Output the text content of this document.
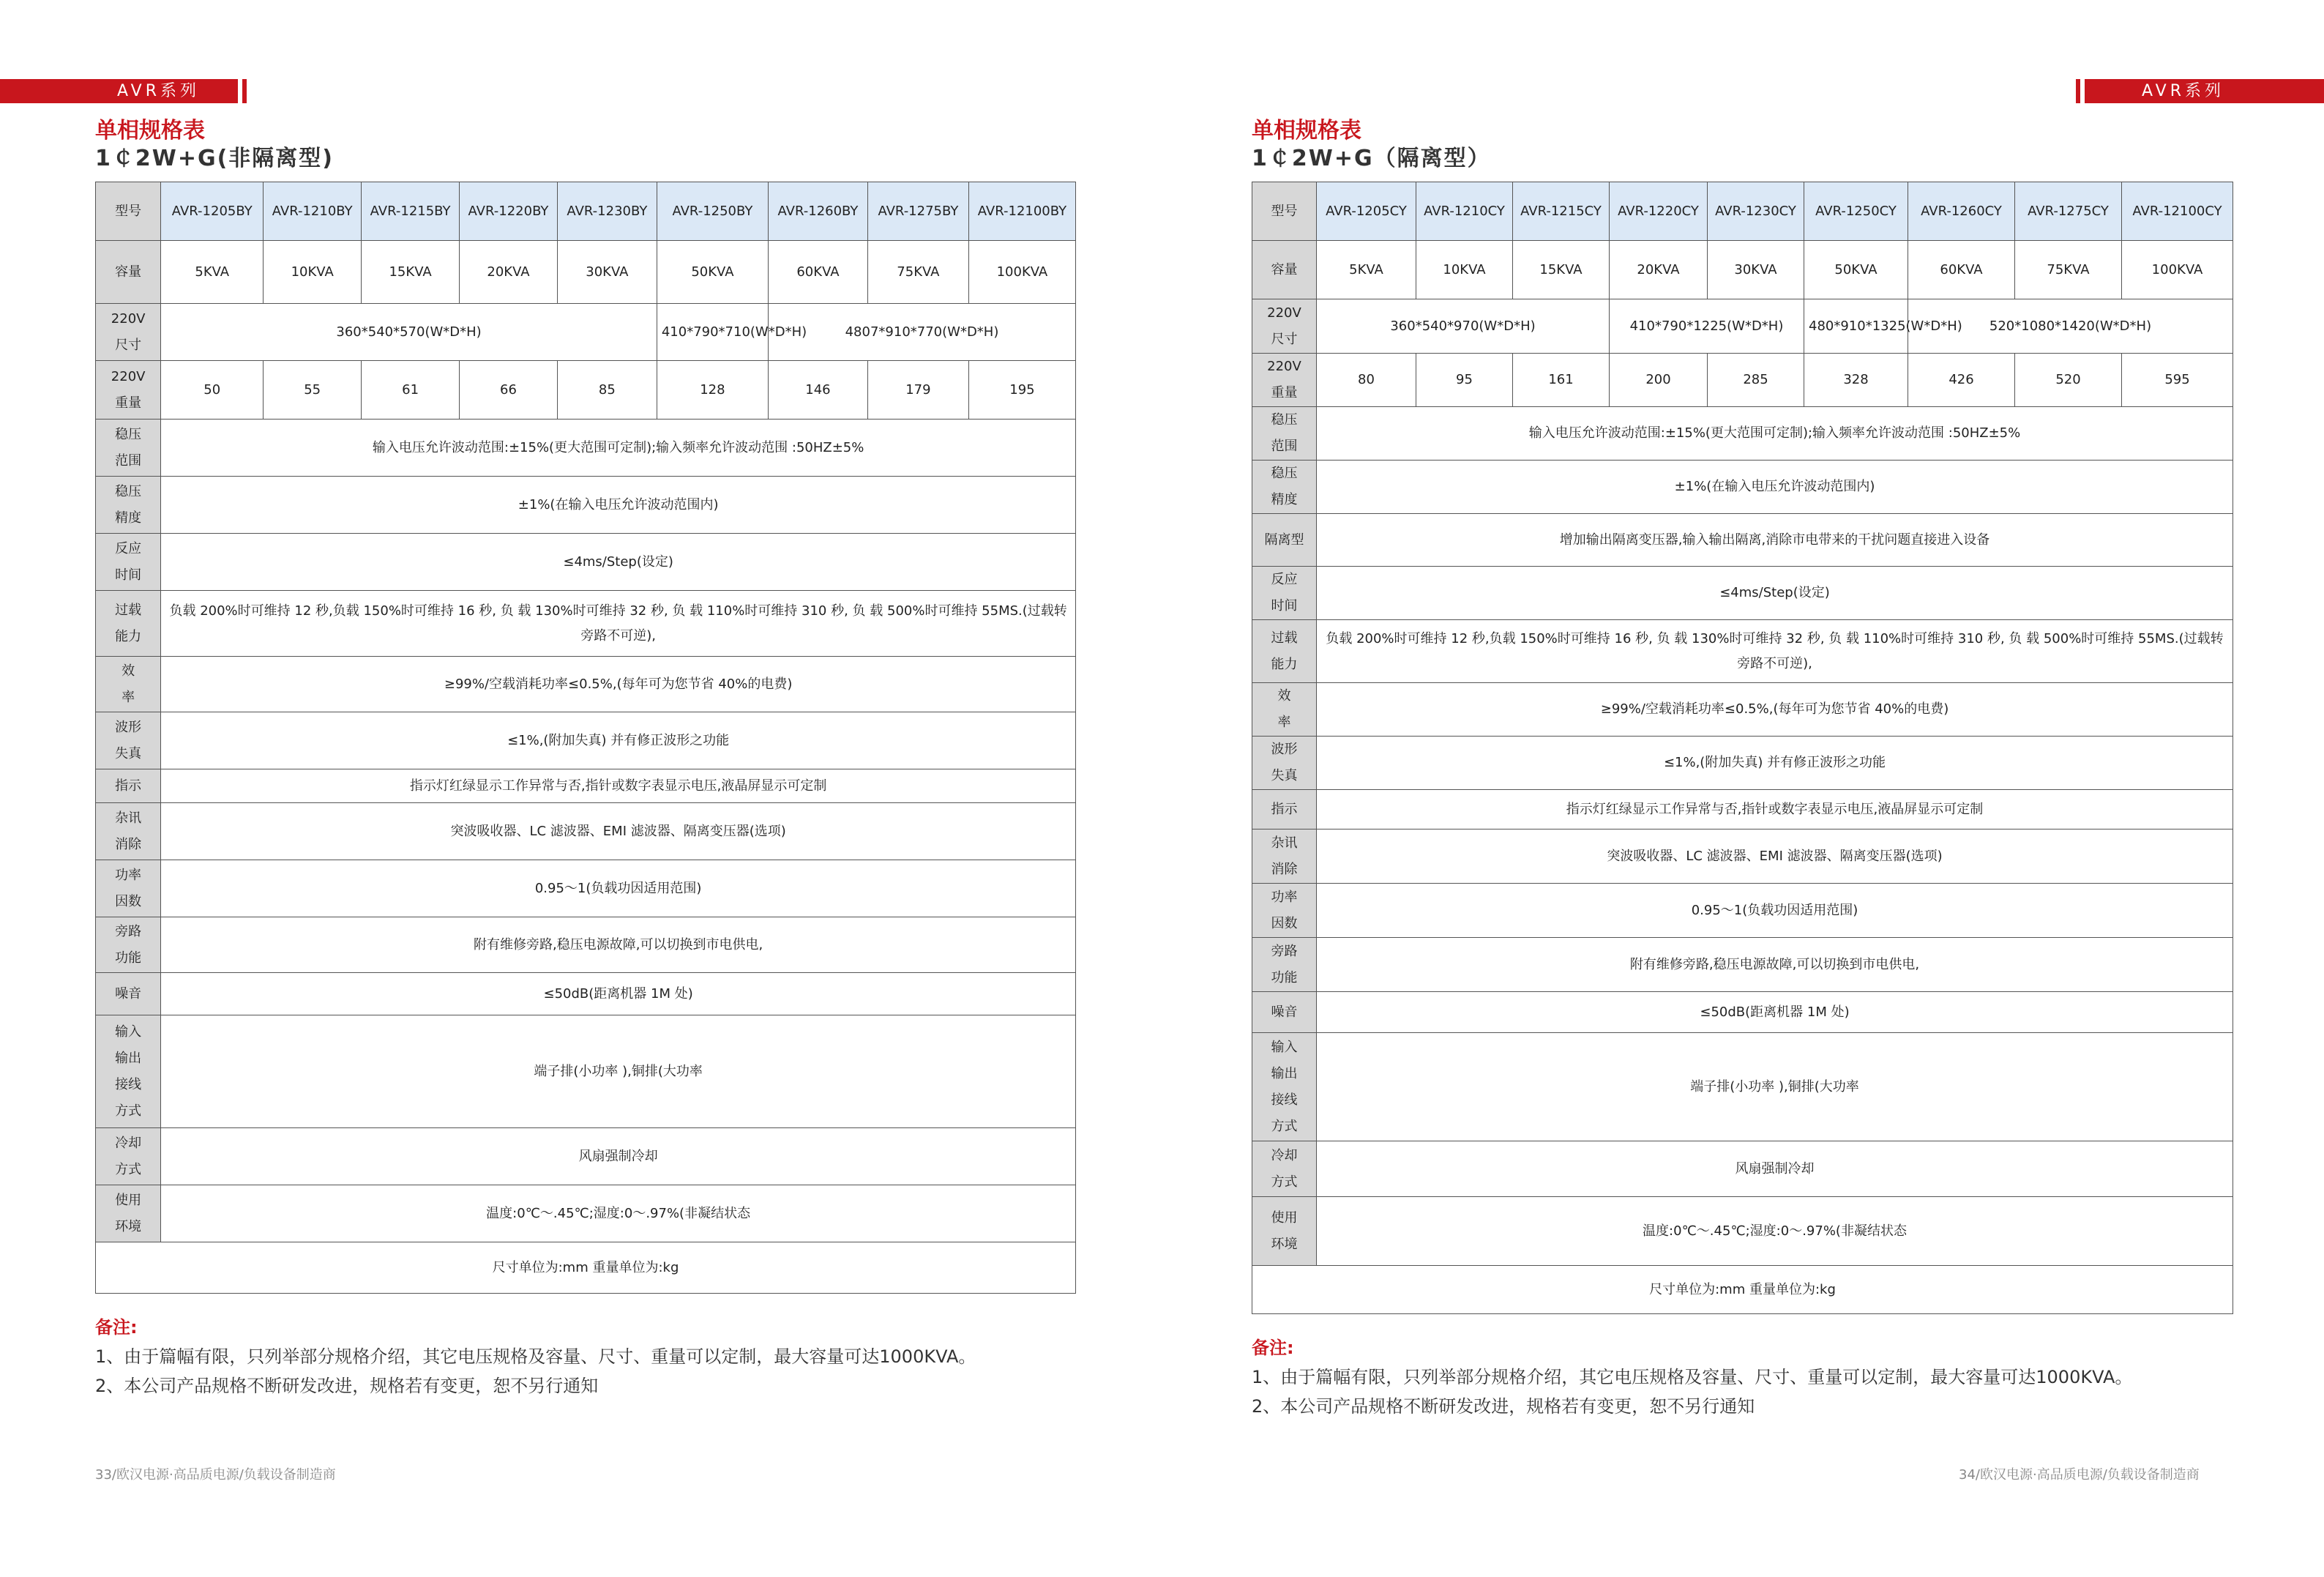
AVR系列	AVR系列
单相规格表
1￠2W+G(非隔离型)
型号	AVR-1205BY	AVR-1210BY	AVR-1215BY	AVR-1220BY	AVR-1230BY	AVR-1250BY	AVR-1260BY	AVR-1275BY	AVR-12100BY
容量	5KVA	10KVA	15KVA	20KVA	30KVA	50KVA	60KVA	75KVA	100KVA

220V
尺寸	360*540*570(W*D*H)					410*790*710(W*D*H)	4807*910*770(W*D*H)		

220V
重量	50	55	61	66	85	128	146	179	195

稳压
范围	输入电压允许波动范围:±15%(更大范围可定制);输入频率允许波动范围 :50HZ±5%								

稳压
精度	±1%(在输入电压允许波动范围内)								

反应
时间	≤4ms/Step(设定)								

过载
能力	负载 200%时可维持 12 秒,负载 150%时可维持 16 秒, 负 载 130%时可维持 32 秒, 负 载 110%时可维持 310 秒, 负 载 500%时可维持 55MS.(过载转旁路不可逆),								

效
率	≥99%/空载消耗功率≤0.5%,(每年可为您节省 40%的电费)								

波形
失真	≤1%,(附加失真) 并有修正波形之功能								
指示	指示灯红绿显示工作异常与否,指针或数字表显示电压,液晶屏显示可定制								

杂讯
消除	突波吸收器、LC 滤波器、EMI 滤波器、隔离变压器(选项)								

功率
因数	0.95～1(负载功因适用范围)								

旁路
功能	附有维修旁路,稳压电源故障,可以切换到市电供电,								
噪音	≤50dB(距离机器 1M 处)								

输入
输出
接线
方式	端子排(小功率 ),铜排(大功率								

冷却
方式	风扇强制冷却								

使用
环境	温度:0℃～.45℃;湿度:0～.97%(非凝结状态								
尺寸单位为:mm 重量单位为:kg									
备注:
1、由于篇幅有限，只列举部分规格介绍，其它电压规格及容量、尺寸、重量可以定制，最大容量可达1000KVA。
2、本公司产品规格不断研发改进，规格若有变更，恕不另行通知
33/欧汉电源·高品质电源/负载设备制造商
单相规格表
1￠2W+G（隔离型）
型号	AVR-1205CY	AVR-1210CY	AVR-1215CY	AVR-1220CY	AVR-1230CY	AVR-1250CY	AVR-1260CY	AVR-1275CY	AVR-12100CY
容量	5KVA	10KVA	15KVA	20KVA	30KVA	50KVA	60KVA	75KVA	100KVA

220V
尺寸	360*540*970(W*D*H)			410*790*1225(W*D*H)		480*910*1325(W*D*H)	520*1080*1420(W*D*H)		

220V
重量	80	95	161	200	285	328	426	520	595

稳压
范围	输入电压允许波动范围:±15%(更大范围可定制);输入频率允许波动范围 :50HZ±5%								

稳压
精度	±1%(在输入电压允许波动范围内)								
隔离型	增加输出隔离变压器,输入输出隔离,消除市电带来的干扰问题直接进入设备								

反应
时间	≤4ms/Step(设定)								

过载
能力	负载 200%时可维持 12 秒,负载 150%时可维持 16 秒, 负 载 130%时可维持 32 秒, 负 载 110%时可维持 310 秒, 负 载 500%时可维持 55MS.(过载转旁路不可逆),								

效
率	≥99%/空载消耗功率≤0.5%,(每年可为您节省 40%的电费)								

波形
失真	≤1%,(附加失真) 并有修正波形之功能								
指示	指示灯红绿显示工作异常与否,指针或数字表显示电压,液晶屏显示可定制								

杂讯
消除	突波吸收器、LC 滤波器、EMI 滤波器、隔离变压器(选项)								

功率
因数	0.95～1(负载功因适用范围)								

旁路
功能	附有维修旁路,稳压电源故障,可以切换到市电供电,								
噪音	≤50dB(距离机器 1M 处)								

输入
输出
接线
方式	端子排(小功率 ),铜排(大功率								

冷却
方式	风扇强制冷却								

使用
环境	温度:0℃～.45℃;湿度:0～.97%(非凝结状态								
尺寸单位为:mm 重量单位为:kg									
备注:
1、由于篇幅有限，只列举部分规格介绍，其它电压规格及容量、尺寸、重量可以定制，最大容量可达1000KVA。
2、本公司产品规格不断研发改进，规格若有变更，恕不另行通知
34/欧汉电源·高品质电源/负载设备制造商
